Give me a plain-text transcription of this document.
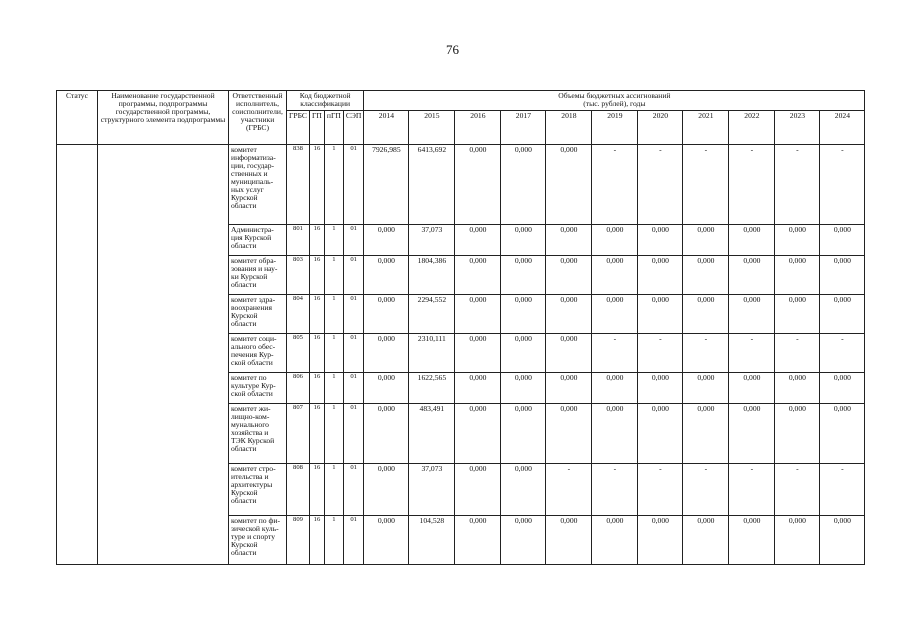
76
Статус	Наименование государственной программы, подпрограммы государственной программы, структурного элемента подпрограммы	Ответственный исполнитель, соисполнители, участники (ГРБС)	Код бюджетной классификации				Объемы бюджетных ассигнований
(тыс. рублей), годы										
			ГРБС	ГП	пГП	СЭП	2014	2015	2016	2017	2018	2019	2020	2021	2022	2023	2024
		комитет информатиза-ции, государ-ственных и муниципаль-ных услуг Курской области	838	16	1	01	7926,985	6413,692	0,000	0,000	0,000	-	-	-	-	-	-
		Администра-ция Курской области	801	16	1	01	0,000	37,073	0,000	0,000	0,000	0,000	0,000	0,000	0,000	0,000	0,000
		комитет обра-зования и нау-ки Курской области	803	16	1	01	0,000	1804,386	0,000	0,000	0,000	0,000	0,000	0,000	0,000	0,000	0,000
		комитет здра-воохранения Курской области	804	16	1	01	0,000	2294,552	0,000	0,000	0,000	0,000	0,000	0,000	0,000	0,000	0,000
		комитет соци-ального обес-печения Кур-ской области	805	16	1	01	0,000	2310,111	0,000	0,000	0,000	-	-	-	-	-	-
		комитет по культуре Кур-ской области	806	16	1	01	0,000	1622,565	0,000	0,000	0,000	0,000	0,000	0,000	0,000	0,000	0,000
		комитет жи-лищно-ком-мунального хозяйства и ТЭК Курской области	807	16	1	01	0,000	483,491	0,000	0,000	0,000	0,000	0,000	0,000	0,000	0,000	0,000
		комитет стро-ительства и архитектуры Курской области	808	16	1	01	0,000	37,073	0,000	0,000	-	-	-	-	-	-	-
		комитет по фи-зической куль-туре и спорту Курской области	809	16	1	01	0,000	104,528	0,000	0,000	0,000	0,000	0,000	0,000	0,000	0,000	0,000
